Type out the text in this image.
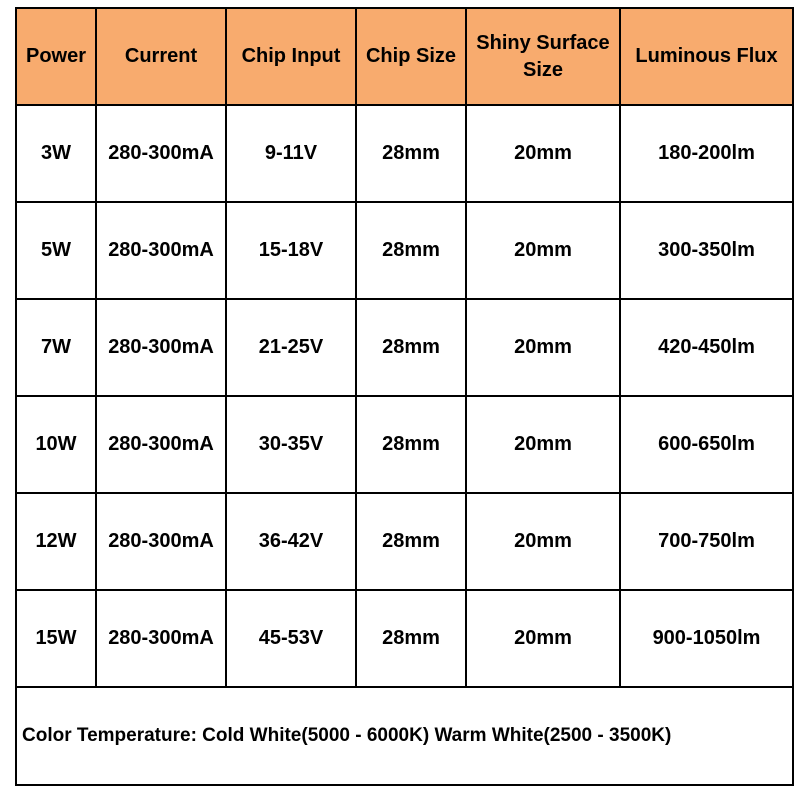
Power	Current	Chip Input	Chip Size	Shiny Surface Size	Luminous Flux
3W	280-300mA	9-11V	28mm	20mm	180-200lm
5W	280-300mA	15-18V	28mm	20mm	300-350lm
7W	280-300mA	21-25V	28mm	20mm	420-450lm
10W	280-300mA	30-35V	28mm	20mm	600-650lm
12W	280-300mA	36-42V	28mm	20mm	700-750lm
15W	280-300mA	45-53V	28mm	20mm	900-1050lm
Color Temperature: Cold White(5000 - 6000K) Warm White(2500 - 3500K)					
